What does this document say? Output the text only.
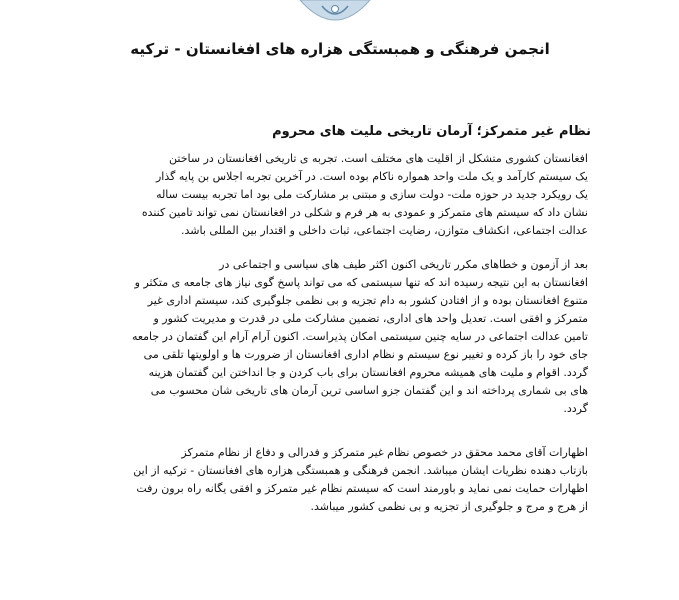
انجمن فرهنگی و همبستگی هزاره های افغانستان - ترکیه
نظام غیر متمرکز؛ آرمان تاریخی ملیت های محروم
افغانستان کشوری متشکل از اقلیت های مختلف است. تجربه ی تاریخی افغانستان در ساختن
یک سیستم کارآمد و یک ملت واحد همواره ناکام بوده است. در آخرین تجربه اجلاس بن پایه گذار
یک رویکرد جدید در حوزه ملت- دولت سازی و مبتنی بر مشارکت ملی بود اما تجربه بیست ساله
نشان داد که سیستم های متمرکز و عمودی به هر فرم و شکلی در افغانستان نمی تواند تامین کننده
عدالت اجتماعی، انکشاف متوازن، رضایت اجتماعی، ثبات داخلی و اقتدار بین المللی باشد.
بعد از آزمون و خطاهای مکرر تاریخی اکنون اکثر طیف های سیاسی و اجتماعی در
افغانستان به این نتیجه رسیده اند که تنها سیستمی که می تواند پاسخ گوی نیاز های جامعه ی متکثر و
متنوع افغانستان بوده و از افتادن کشور به دام تجزیه و بی نظمی جلوگیری کند، سیستم اداری غیر
متمرکز و افقی است. تعدیل واحد های اداری، تضمین مشارکت ملی در قدرت و مدیریت کشور و
تامین عدالت اجتماعی در سایه چنین سیستمی امکان پذیراست. اکنون آرام آرام این گفتمان در جامعه
جای خود را باز کرده و تغییر نوع سیستم و نظام اداری افغانستان از ضرورت ها و اولویتها تلقی می
گردد. اقوام و ملیت های همیشه محروم افغانستان برای باب کردن و جا انداختن این گفتمان هزینه
های بی شماری پرداخته اند و این گفتمان جزو اساسی ترین آرمان های تاریخی شان محسوب می
گردد.
اظهارات آقای محمد محقق در خصوص نظام غیر متمرکز و فدرالی و دفاع از نظام متمرکز
بازتاب دهنده نظریات ایشان میباشد. انجمن فرهنگی و همبستگی هزاره های افغانستان - ترکیه از این
اظهارات حمایت نمی نماید و باورمند است که سیستم نظام غیر متمرکز و افقی یگانه راه برون رفت
از هرج و مرج و جلوگیری از تجزیه و بی نظمی کشور میباشد.
